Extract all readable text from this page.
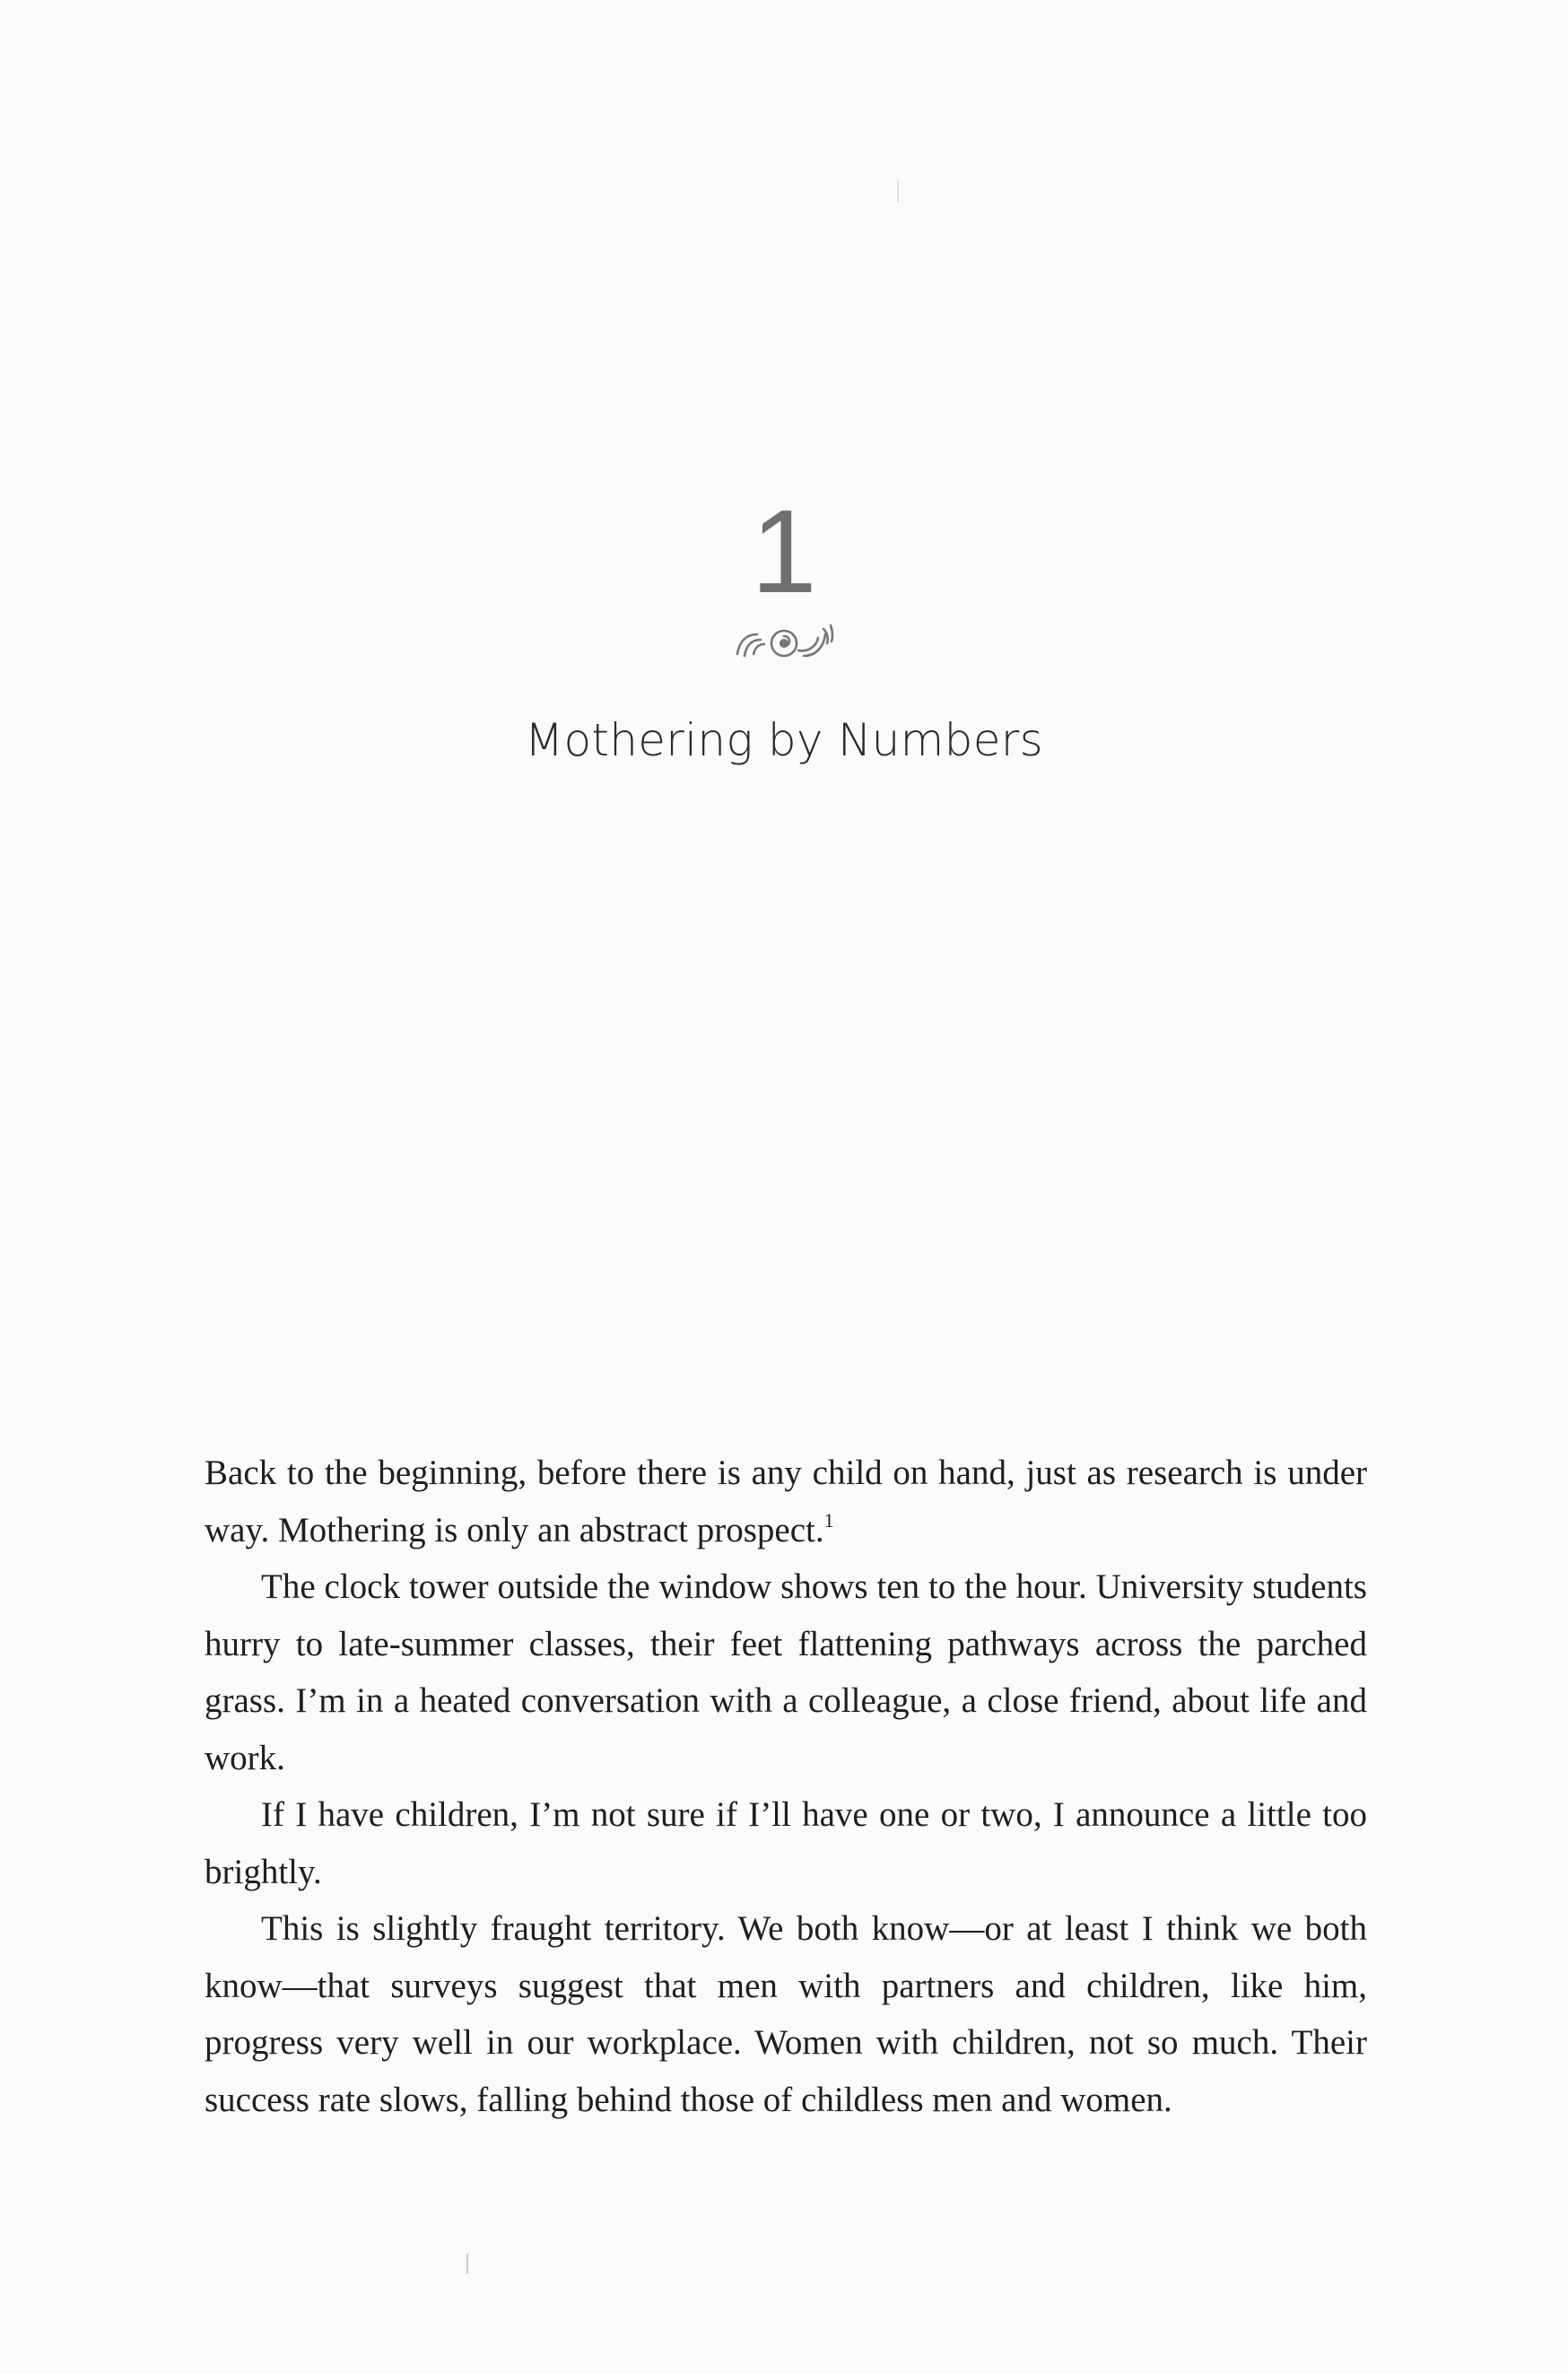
1
Mothering by Numbers

Back to the beginning, before there is any child on hand, just as research is under way. Mothering is only an abstract prospect.$^1$

The clock tower outside the window shows ten to the hour. University students hurry to late-summer classes, their feet flattening pathways across the parched grass. I’m in a heated conversation with a colleague, a close friend, about life and work.

If I have children, I’m not sure if I’ll have one or two, I announce a little too brightly.

This is slightly fraught territory. We both know—or at least I think we both know—that surveys suggest that men with partners and children, like him, progress very well in our workplace. Women with children, not so much. Their success rate slows, falling behind those of childless men and women.
